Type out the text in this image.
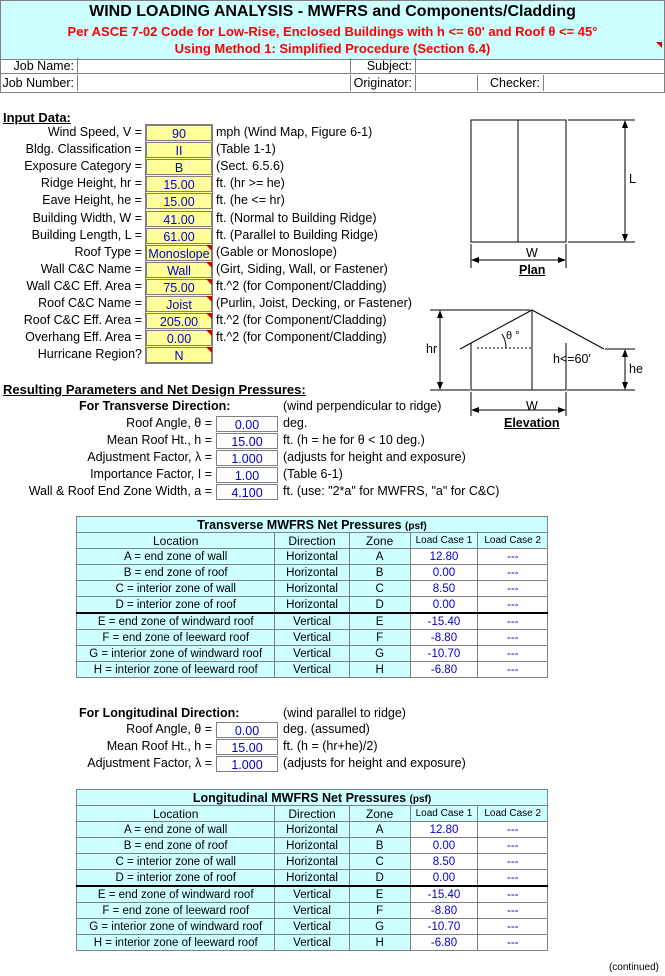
WIND LOADING ANALYSIS - MWFRS and Components/Cladding
Per ASCE 7-02 Code for Low-Rise, Enclosed Buildings with h <= 60' and Roof θ <= 45°
Using Method 1: Simplified Procedure (Section 6.4)
Job Name:	Subject:
Job Number:	Originator:	Checker:
Input Data:
Wind Speed, V =	90	mph (Wind Map, Figure 6-1)
Bldg. Classification =	II	(Table 1-1)
Exposure Category =	B	(Sect. 6.5.6)
Ridge Height, hr =	15.00	ft. (hr >= he)
Eave Height, he =	15.00	ft. (he <= hr)
Building Width, W =	41.00	ft. (Normal to Building Ridge)
Building Length, L =	61.00	ft. (Parallel to Building Ridge)
Roof Type = Monoslope (Gable or Monoslope)
Wall C&C Name =	Wall	(Girt, Siding, Wall, or Fastener)
Wall C&C Eff. Area =	75.00	ft.^2 (for Component/Cladding)
Roof C&C Name =	Joist	(Purlin, Joist, Decking, or Fastener)
Roof C&C Eff. Area =	205.00	ft.^2 (for Component/Cladding)
Overhang Eff. Area =	0.00	ft.^2 (for Component/Cladding)
Hurricane Region?	N
L
W
Plan
θ °
hr
h<=60'
he
W
Elevation
Resulting Parameters and Net Design Pressures:
For Transverse Direction:	(wind perpendicular to ridge)
Roof Angle, θ =	0.00	deg.
Mean Roof Ht., h =	15.00	ft. (h = he for θ < 10 deg.)
Adjustment Factor, λ =	1.000	(adjusts for height and exposure)
Importance Factor, I =	1.00	(Table 6-1)
Wall & Roof End Zone Width, a =	4.100	ft. (use: "2*a" for MWFRS, "a" for C&C)
Transverse MWFRS Net Pressures (psf)				
Location	Direction	Zone	Load Case 1	Load Case 2
A = end zone of wall	Horizontal	A	12.80	---
B = end zone of roof	Horizontal	B	0.00	---
C = interior zone of wall	Horizontal	C	8.50	---
D = interior zone of roof	Horizontal	D	0.00	---
E = end zone of windward roof	Vertical	E	-15.40	---
F = end zone of leeward roof	Vertical	F	-8.80	---
G = interior zone of windward roof	Vertical	G	-10.70	---
H = interior zone of leeward roof	Vertical	H	-6.80	---
For Longitudinal Direction:	(wind parallel to ridge)
Roof Angle, θ =	0.00	deg. (assumed)
Mean Roof Ht., h =	15.00	ft. (h = (hr+he)/2)
Adjustment Factor, λ =	1.000	(adjusts for height and exposure)
Longitudinal MWFRS Net Pressures (psf)				
Location	Direction	Zone	Load Case 1	Load Case 2
A = end zone of wall	Horizontal	A	12.80	---
B = end zone of roof	Horizontal	B	0.00	---
C = interior zone of wall	Horizontal	C	8.50	---
D = interior zone of roof	Horizontal	D	0.00	---
E = end zone of windward roof	Vertical	E	-15.40	---
F = end zone of leeward roof	Vertical	F	-8.80	---
G = interior zone of windward roof	Vertical	G	-10.70	---
H = interior zone of leeward roof	Vertical	H	-6.80	---
(continued)
